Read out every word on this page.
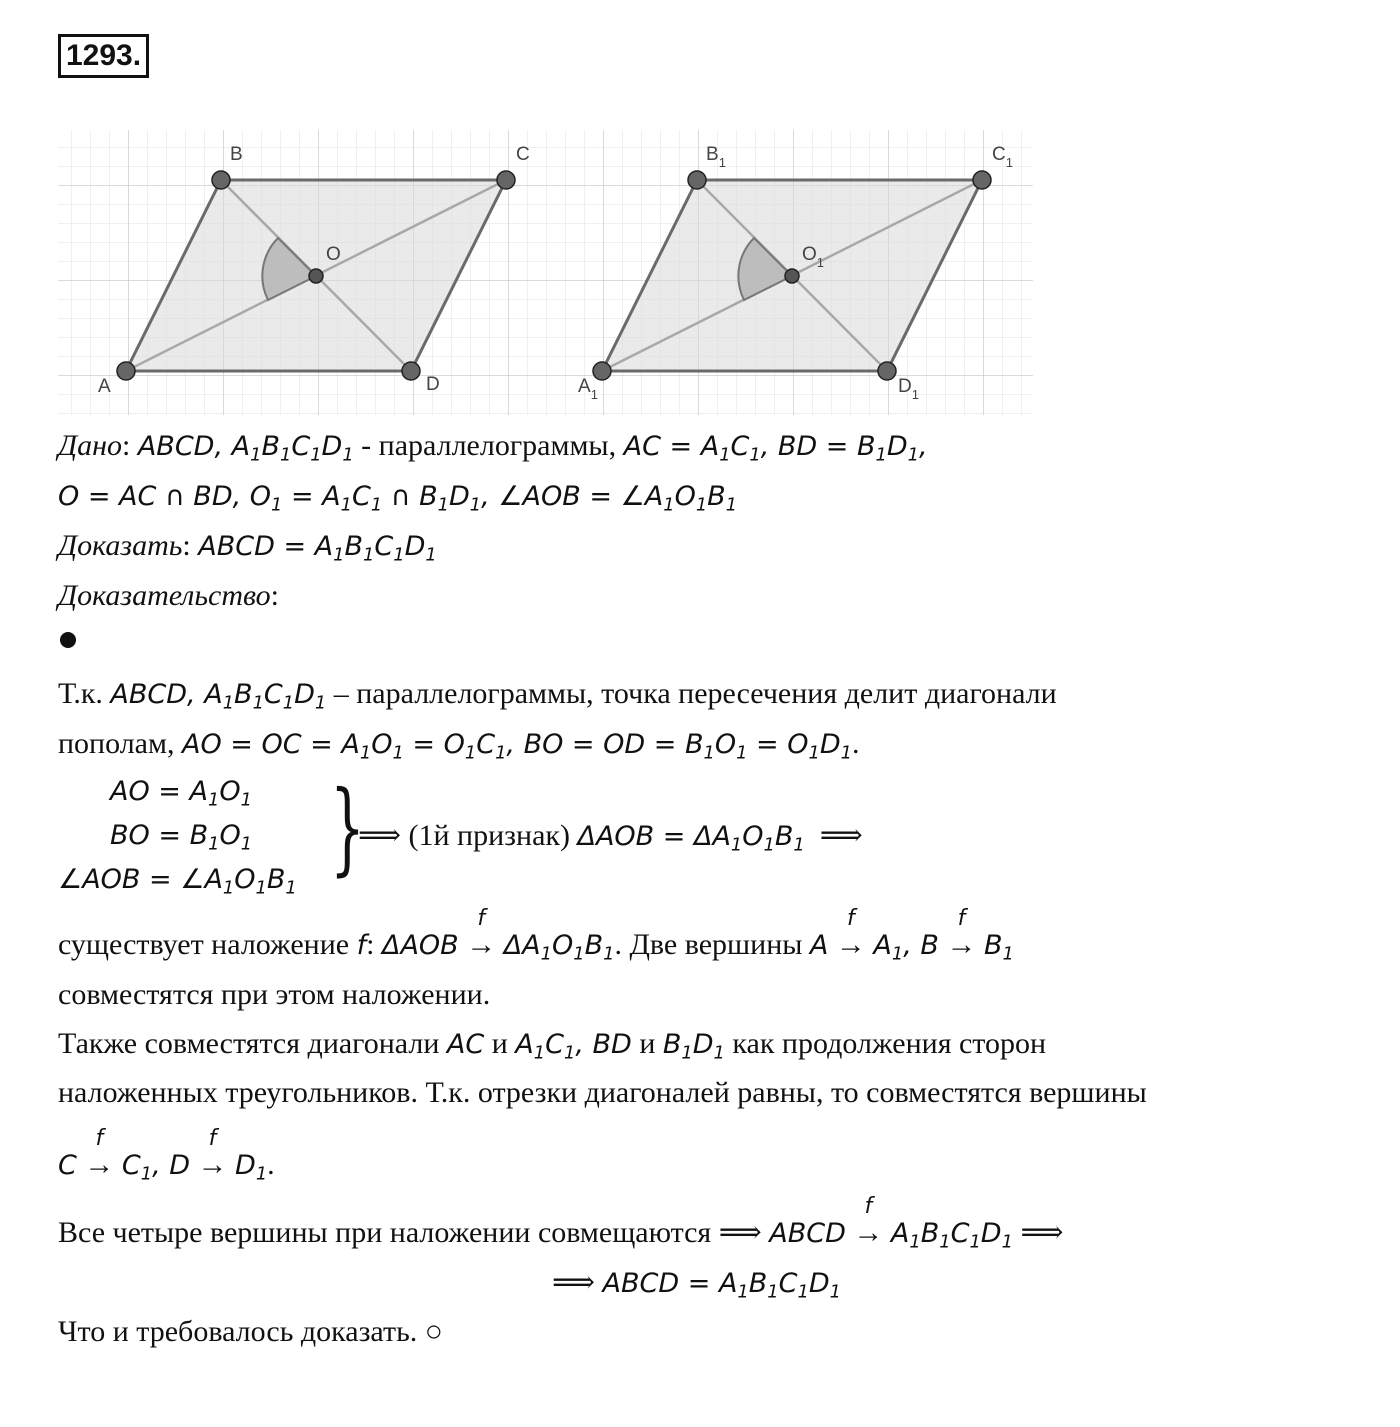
1293.
A
B	C
D
O
$A_1$
$B_1$	$C_1$
$D_1$
$O_1$
Дано: ABCD, $A_1B_1C_1D_1$ - параллелограммы, AC = $A_1C_1$, BD = $B_1D_1$,
O = AC ∩ BD, $O_1 = A_1C_1$ ∩ $B_1D_1$, ∠AOB = $\angle A_1O_1B_1$
Доказать: ABCD = $A_1B_1C_1D_1$
Доказательство:
Т.к. ABCD, $A_1B_1C_1D_1$ – параллелограммы, точка пересечения делит диагонали
пополам, AO = OC = $A_1O_1 = O_1C_1$, BO = OD = $B_1O_1 = O_1D_1$.
AO = $A_1O_1$
BO = $B_1O_1$
∠AOB = $\angle A_1O_1B_1$
}
⟹ (1й признак) $\Delta AOB = \Delta A_1O_1B_1$  ⟹
существует наложение f: ΔAOB →
f
$\Delta A_1O_1B_1$. Две вершины A →
f
$A_1$, B →
f
$B_1$
совместятся при этом наложении.
Также совместятся диагонали AC и $A_1C_1$, BD и $B_1D_1$ как продолжения сторон
наложенных треугольников. Т.к. отрезки диагоналей равны, то совместятся вершины
C →
f
$C_1$, D →
f
$D_1$.
Все четыре вершины при наложении совмещаются ⟹ ABCD →
f
$A_1B_1C_1D_1$ ⟹
⟹ ABCD = $A_1B_1C_1D_1$
Что и требовалось доказать. ○
